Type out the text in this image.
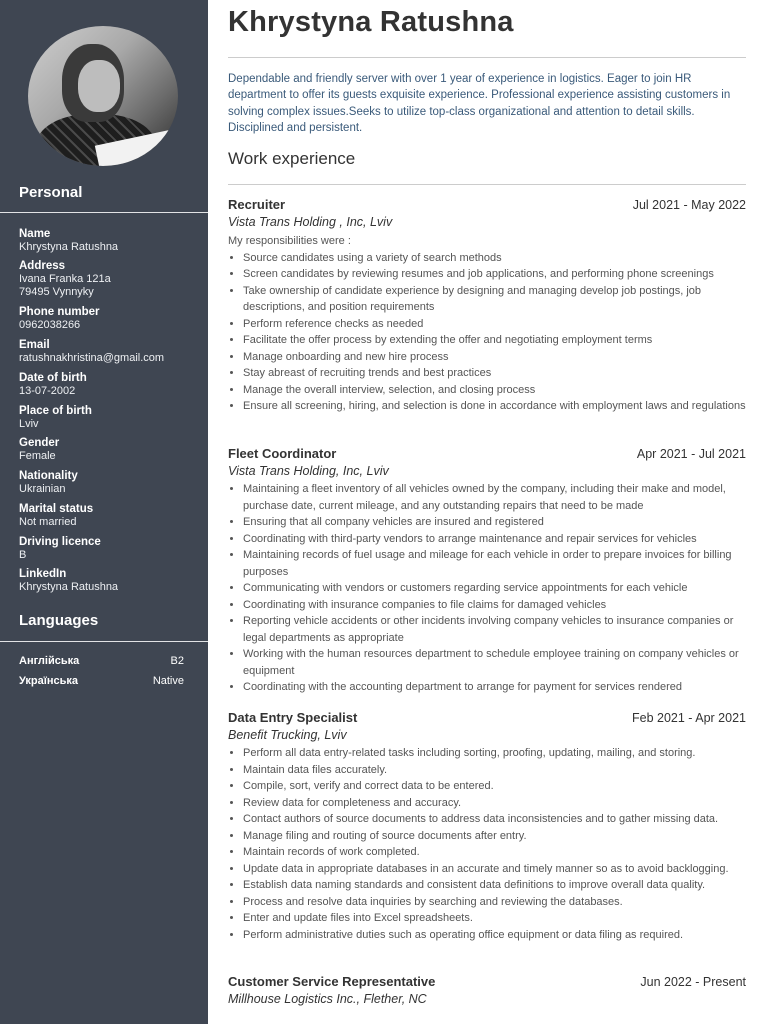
Personal
Name
Khrystyna Ratushna
Address
Ivana Franka 121a
79495 Vynnyky
Phone number
0962038266
Email
ratushnakhristina@gmail.com
Date of birth
13-07-2002
Place of birth
Lviv
Gender
Female
Nationality
Ukrainian
Marital status
Not married
Driving licence
B
LinkedIn
Khrystyna Ratushna
Languages
Англійська	B2
Українська	Native
Khrystyna Ratushna
Dependable and friendly server with over 1 year of experience in logistics. Eager to join HR department to offer its guests exquisite experience. Professional experience assisting customers in solving complex issues.Seeks to utilize top-class organizational and attention to detail skills. Disciplined and persistent.
Work experience
Recruiter	Jul 2021 - May 2022
Vista Trans Holding , Inc, Lviv
My responsibilities were :
• Source candidates using a variety of search methods
• Screen candidates by reviewing resumes and job applications, and performing phone screenings
• Take ownership of candidate experience by designing and managing develop job postings, job descriptions, and position requirements
• Perform reference checks as needed
• Facilitate the offer process by extending the offer and negotiating employment terms
• Manage onboarding and new hire process
• Stay abreast of recruiting trends and best practices
• Manage the overall interview, selection, and closing process
• Ensure all screening, hiring, and selection is done in accordance with employment laws and regulations
Fleet Coordinator	Apr 2021 - Jul 2021
Vista Trans Holding, Inc, Lviv
• Maintaining a fleet inventory of all vehicles owned by the company, including their make and model, purchase date, current mileage, and any outstanding repairs that need to be made
• Ensuring that all company vehicles are insured and registered
• Coordinating with third-party vendors to arrange maintenance and repair services for vehicles
• Maintaining records of fuel usage and mileage for each vehicle in order to prepare invoices for billing purposes
• Communicating with vendors or customers regarding service appointments for each vehicle
• Coordinating with insurance companies to file claims for damaged vehicles
• Reporting vehicle accidents or other incidents involving company vehicles to insurance companies or legal departments as appropriate
• Working with the human resources department to schedule employee training on company vehicles or equipment
• Coordinating with the accounting department to arrange for payment for services rendered
Data Entry Specialist	Feb 2021 - Apr 2021
Benefit Trucking, Lviv
• Perform all data entry-related tasks including sorting, proofing, updating, mailing, and storing.
• Maintain data files accurately.
• Compile, sort, verify and correct data to be entered.
• Review data for completeness and accuracy.
• Contact authors of source documents to address data inconsistencies and to gather missing data.
• Manage filing and routing of source documents after entry.
• Maintain records of work completed.
• Update data in appropriate databases in an accurate and timely manner so as to avoid backlogging.
• Establish data naming standards and consistent data definitions to improve overall data quality.
• Process and resolve data inquiries by searching and reviewing the databases.
• Enter and update files into Excel spreadsheets.
• Perform administrative duties such as operating office equipment or data filing as required.
Customer Service Representative	Jun 2022 - Present
Millhouse Logistics Inc., Flether, NC
